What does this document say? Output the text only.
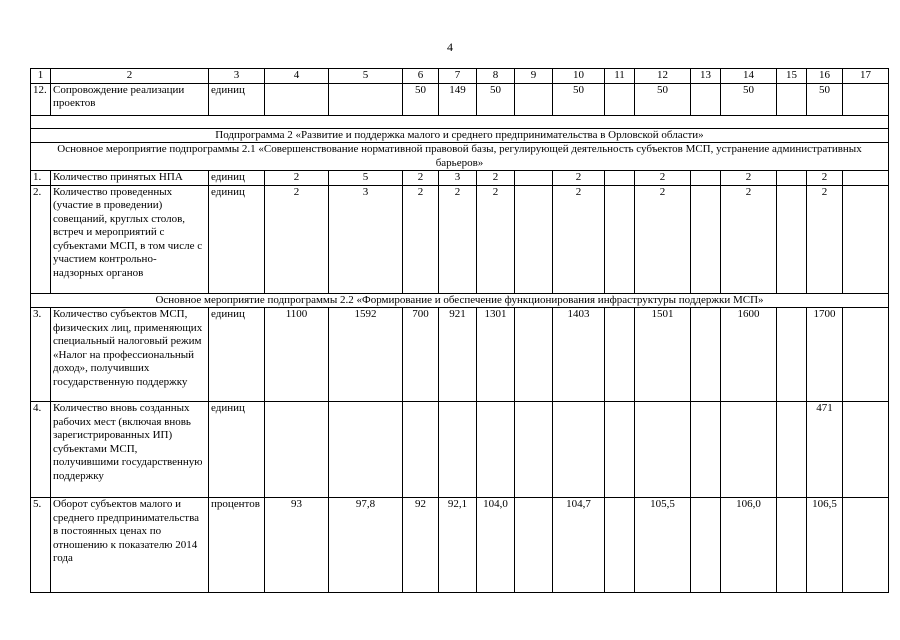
4
1	2	3	4	5	6	7	8	9	10	11	12	13	14	15	16	17
12.	Сопровождение реализации проектов	единиц			50	149	50		50		50		50		50	

Подпрограмма 2 «Развитие и поддержка малого и среднего предпринимательства в Орловской области»																
Основное мероприятие подпрограммы 2.1 «Совершенствование нормативной правовой базы, регулирующей деятельность субъектов МСП, устранение административных барьеров»																
1.	Количество принятых НПА	единиц	2	5	2	3	2		2		2		2		2	
2.	Количество проведенных (участие в проведении) совещаний, круглых столов, встреч и мероприятий с субъектами МСП, в том числе с участием контрольно-надзорных органов	единиц	2	3	2	2	2		2		2		2		2	
Основное мероприятие подпрограммы 2.2 «Формирование и обеспечение функционирования инфраструктуры поддержки МСП»																
3.	Количество субъектов МСП, физических лиц, применяющих специальный налоговый режим «Налог на профессиональный доход», получивших государственную поддержку	единиц	1100	1592	700	921	1301		1403		1501		1600		1700	
4.	Количество вновь созданных рабочих мест (включая вновь зарегистрированных ИП) субъектами МСП, получившими государственную поддержку	единиц													471	
5.	Оборот субъектов малого и среднего предпринимательства в постоянных ценах по отношению к показателю 2014 года	процентов	93	97,8	92	92,1	104,0		104,7		105,5		106,0		106,5	
